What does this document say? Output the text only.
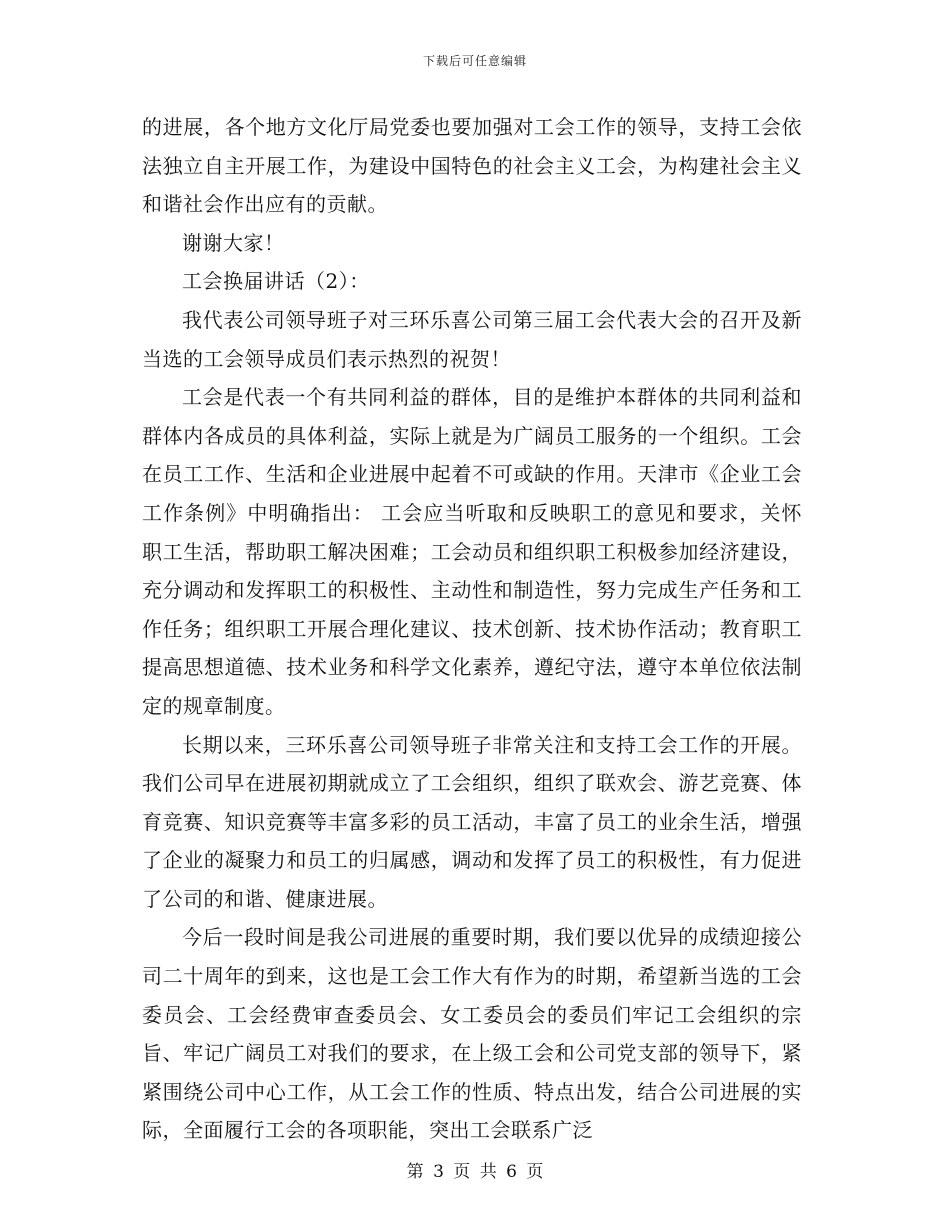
下载后可任意编辑

的进展，各个地方文化厅局党委也要加强对工会工作的领导，支持工会依法独立自主开展工作，为建设中国特色的社会主义工会，为构建社会主义和谐社会作出应有的贡献。

谢谢大家！

工会换届讲话（2）：

我代表公司领导班子对三环乐喜公司第三届工会代表大会的召开及新当选的工会领导成员们表示热烈的祝贺！

工会是代表一个有共同利益的群体，目的是维护本群体的共同利益和群体内各成员的具体利益，实际上就是为广阔员工服务的一个组织。工会在员工工作、生活和企业进展中起着不可或缺的作用。天津市《企业工会工作条例》中明确指出： 工会应当听取和反映职工的意见和要求，关怀职工生活，帮助职工解决困难；工会动员和组织职工积极参加经济建设，充分调动和发挥职工的积极性、主动性和制造性，努力完成生产任务和工作任务；组织职工开展合理化建议、技术创新、技术协作活动；教育职工提高思想道德、技术业务和科学文化素养，遵纪守法，遵守本单位依法制定的规章制度。

长期以来，三环乐喜公司领导班子非常关注和支持工会工作的开展。我们公司早在进展初期就成立了工会组织，组织了联欢会、游艺竞赛、体育竞赛、知识竞赛等丰富多彩的员工活动，丰富了员工的业余生活，增强了企业的凝聚力和员工的归属感，调动和发挥了员工的积极性，有力促进了公司的和谐、健康进展。

今后一段时间是我公司进展的重要时期，我们要以优异的成绩迎接公司二十周年的到来，这也是工会工作大有作为的时期，希望新当选的工会委员会、工会经费审查委员会、女工委员会的委员们牢记工会组织的宗旨、牢记广阔员工对我们的要求，在上级工会和公司党支部的领导下，紧紧围绕公司中心工作，从工会工作的性质、特点出发，结合公司进展的实际，全面履行工会的各项职能，突出工会联系广泛

第 3 页 共 6 页
